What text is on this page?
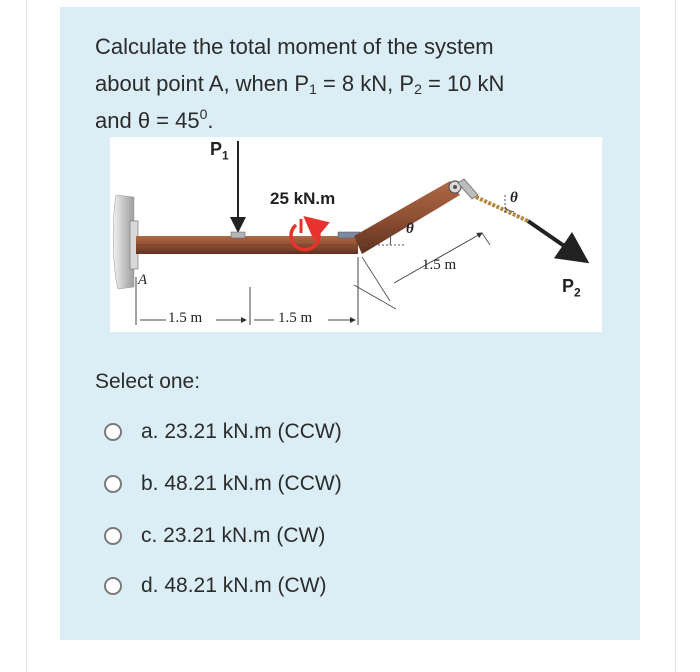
Calculate the total moment of the system
about point A, when $P_1 = 8$ kN, $P_2 = 10$ kN
and $\theta = 45^0$.
$P_1$
25 kN.m
A
θ
θ
1.5 m	1.5 m
1.5 m
$P_2$
Select one:
a. 23.21 kN.m (CCW)
b. 48.21 kN.m (CCW)
c. 23.21 kN.m (CW)
d. 48.21 kN.m (CW)
